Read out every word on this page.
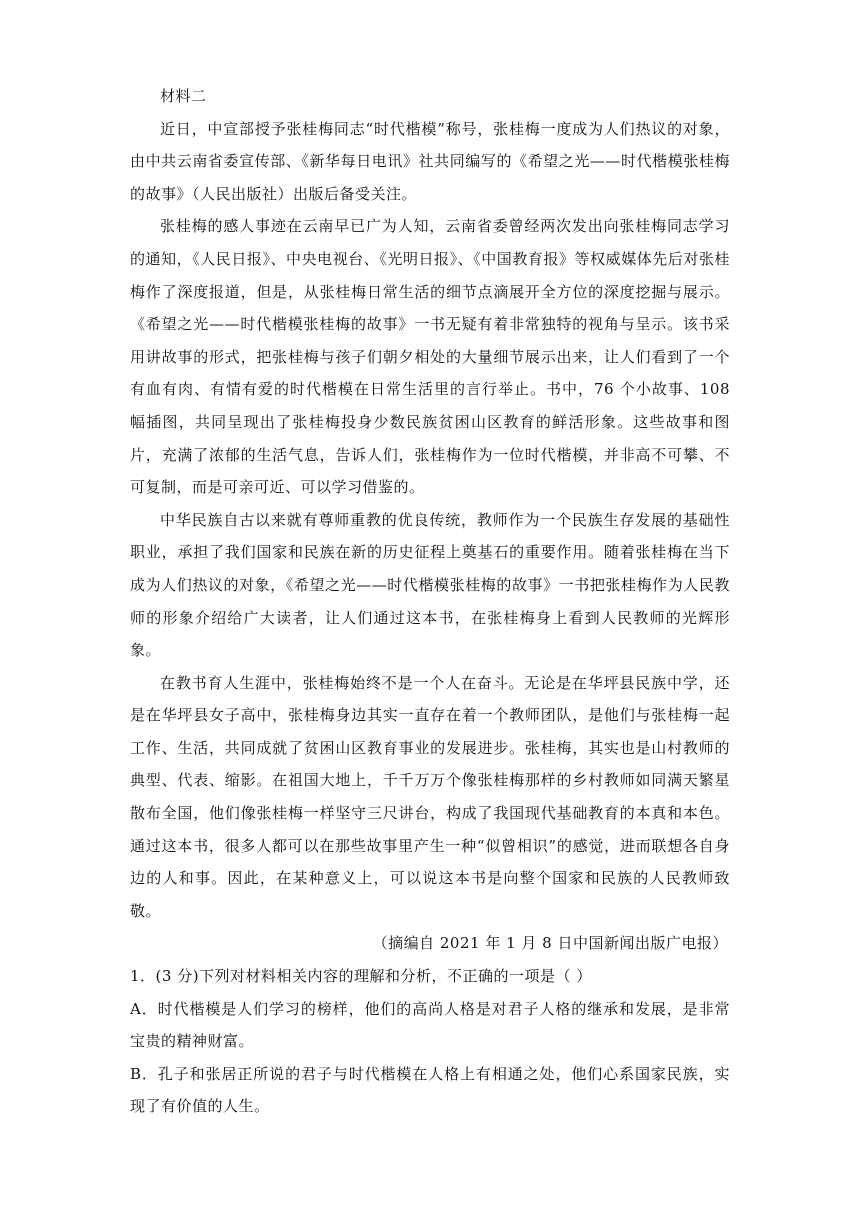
材料二

近日，中宣部授予张桂梅同志“时代楷模”称号，张桂梅一度成为人们热议的对象，由中共云南省委宣传部、《新华每日电讯》社共同编写的《希望之光——时代楷模张桂梅的故事》（人民出版社）出版后备受关注。

张桂梅的感人事迹在云南早已广为人知，云南省委曾经两次发出向张桂梅同志学习的通知，《人民日报》、中央电视台、《光明日报》、《中国教育报》等权威媒体先后对张桂梅作了深度报道，但是，从张桂梅日常生活的细节点滴展开全方位的深度挖掘与展示。《希望之光——时代楷模张桂梅的故事》一书无疑有着非常独特的视角与呈示。该书采用讲故事的形式，把张桂梅与孩子们朝夕相处的大量细节展示出来，让人们看到了一个有血有肉、有情有爱的时代楷模在日常生活里的言行举止。书中，76 个小故事、108 幅插图，共同呈现出了张桂梅投身少数民族贫困山区教育的鲜活形象。这些故事和图片，充满了浓郁的生活气息，告诉人们，张桂梅作为一位时代楷模，并非高不可攀、不可复制，而是可亲可近、可以学习借鉴的。

中华民族自古以来就有尊师重教的优良传统，教师作为一个民族生存发展的基础性职业，承担了我们国家和民族在新的历史征程上奠基石的重要作用。随着张桂梅在当下成为人们热议的对象，《希望之光——时代楷模张桂梅的故事》一书把张桂梅作为人民教师的形象介绍给广大读者，让人们通过这本书，在张桂梅身上看到人民教师的光辉形象。

在教书育人生涯中，张桂梅始终不是一个人在奋斗。无论是在华坪县民族中学，还是在华坪县女子高中，张桂梅身边其实一直存在着一个教师团队，是他们与张桂梅一起工作、生活，共同成就了贫困山区教育事业的发展进步。张桂梅，其实也是山村教师的典型、代表、缩影。在祖国大地上，千千万万个像张桂梅那样的乡村教师如同满天繁星散布全国，他们像张桂梅一样坚守三尺讲台，构成了我国现代基础教育的本真和本色。通过这本书，很多人都可以在那些故事里产生一种“似曾相识”的感觉，进而联想各自身边的人和事。因此，在某种意义上，可以说这本书是向整个国家和民族的人民教师致敬。

（摘编自 2021 年 1 月 8 日中国新闻出版广电报）

1．(3 分)下列对材料相关内容的理解和分析，不正确的一项是（ ）

A．时代楷模是人们学习的榜样，他们的高尚人格是对君子人格的继承和发展，是非常宝贵的精神财富。

B．孔子和张居正所说的君子与时代楷模在人格上有相通之处，他们心系国家民族，实现了有价值的人生。
